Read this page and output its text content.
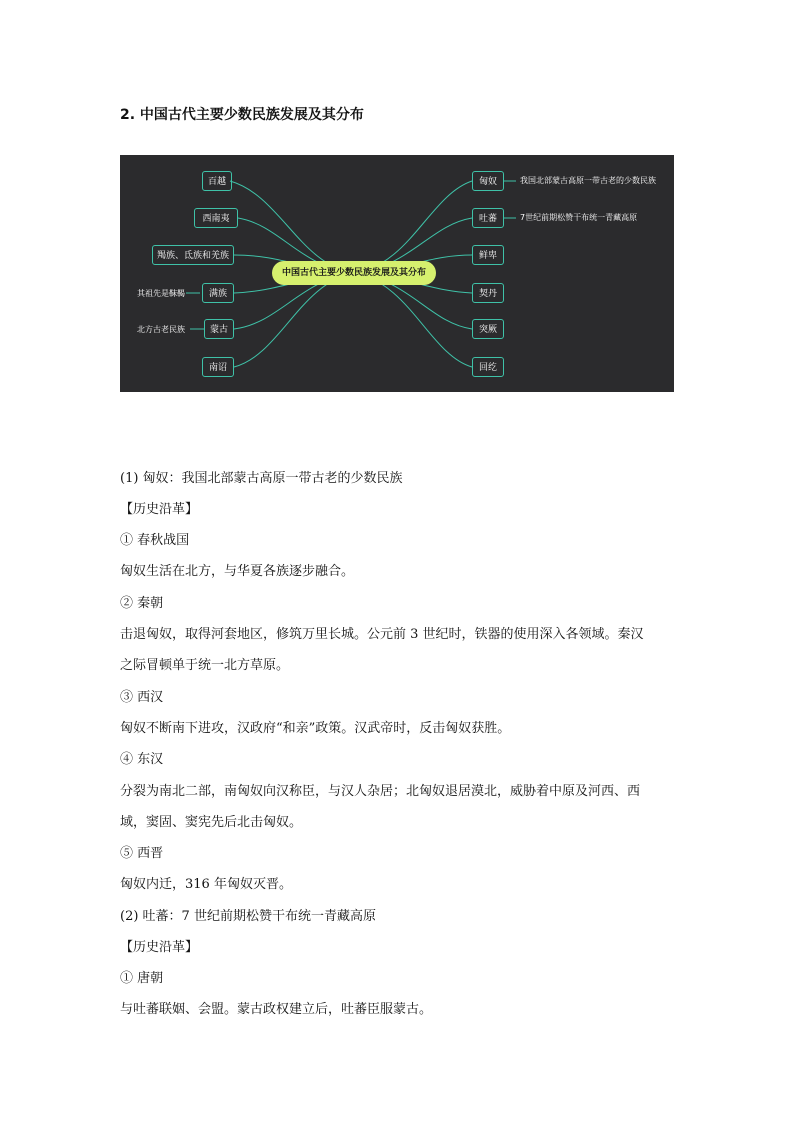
2. 中国古代主要少数民族发展及其分布
百越
西南夷
羯族、氐族和羌族
满族
蒙古
南诏
匈奴
吐蕃
鲜卑
契丹
突厥
回纥
中国古代主要少数民族发展及其分布
我国北部蒙古高原一带古老的少数民族
7世纪前期松赞干布统一青藏高原
其祖先是靺鞨
北方古老民族
(1) 匈奴：我国北部蒙古高原一带古老的少数民族
【历史沿革】
① 春秋战国
匈奴生活在北方，与华夏各族逐步融合。
② 秦朝
击退匈奴，取得河套地区，修筑万里长城。公元前 3 世纪时，铁器的使用深入各领域。秦汉
之际冒顿单于统一北方草原。
③ 西汉
匈奴不断南下进攻，汉政府“和亲”政策。汉武帝时，反击匈奴获胜。
④ 东汉
分裂为南北二部，南匈奴向汉称臣，与汉人杂居；北匈奴退居漠北，威胁着中原及河西、西
域，窦固、窦宪先后北击匈奴。
⑤ 西晋
匈奴内迁，316 年匈奴灭晋。
(2) 吐蕃：7 世纪前期松赞干布统一青藏高原
【历史沿革】
① 唐朝
与吐蕃联姻、会盟。蒙古政权建立后，吐蕃臣服蒙古。
